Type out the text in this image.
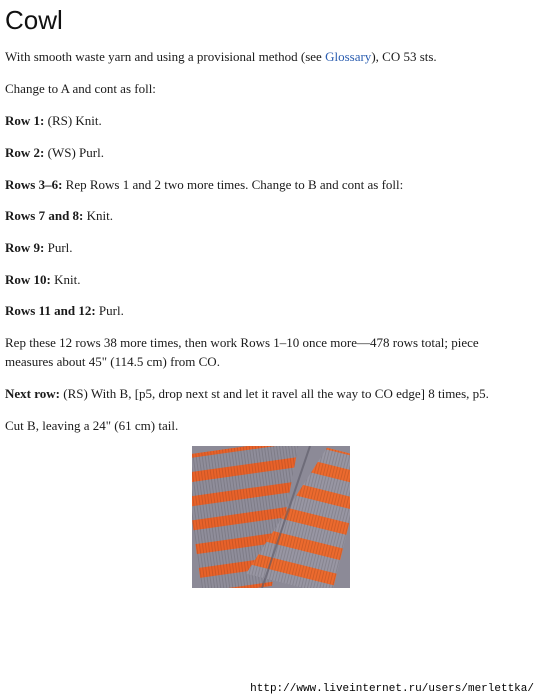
Cowl

With smooth waste yarn and using a provisional method (see Glossary), CO 53 sts.

Change to A and cont as foll:

Row 1: (RS) Knit.

Row 2: (WS) Purl.

Rows 3–6: Rep Rows 1 and 2 two more times. Change to B and cont as foll:

Rows 7 and 8: Knit.

Row 9: Purl.

Row 10: Knit.

Rows 11 and 12: Purl.

Rep these 12 rows 38 more times, then work Rows 1–10 once more—478 rows total; piece measures about 45" (114.5 cm) from CO.

Next row: (RS) With B, [p5, drop next st and let it ravel all the way to CO edge] 8 times, p5.

Cut B, leaving a 24" (61 cm) tail.

http://www.liveinternet.ru/users/merlettka/
